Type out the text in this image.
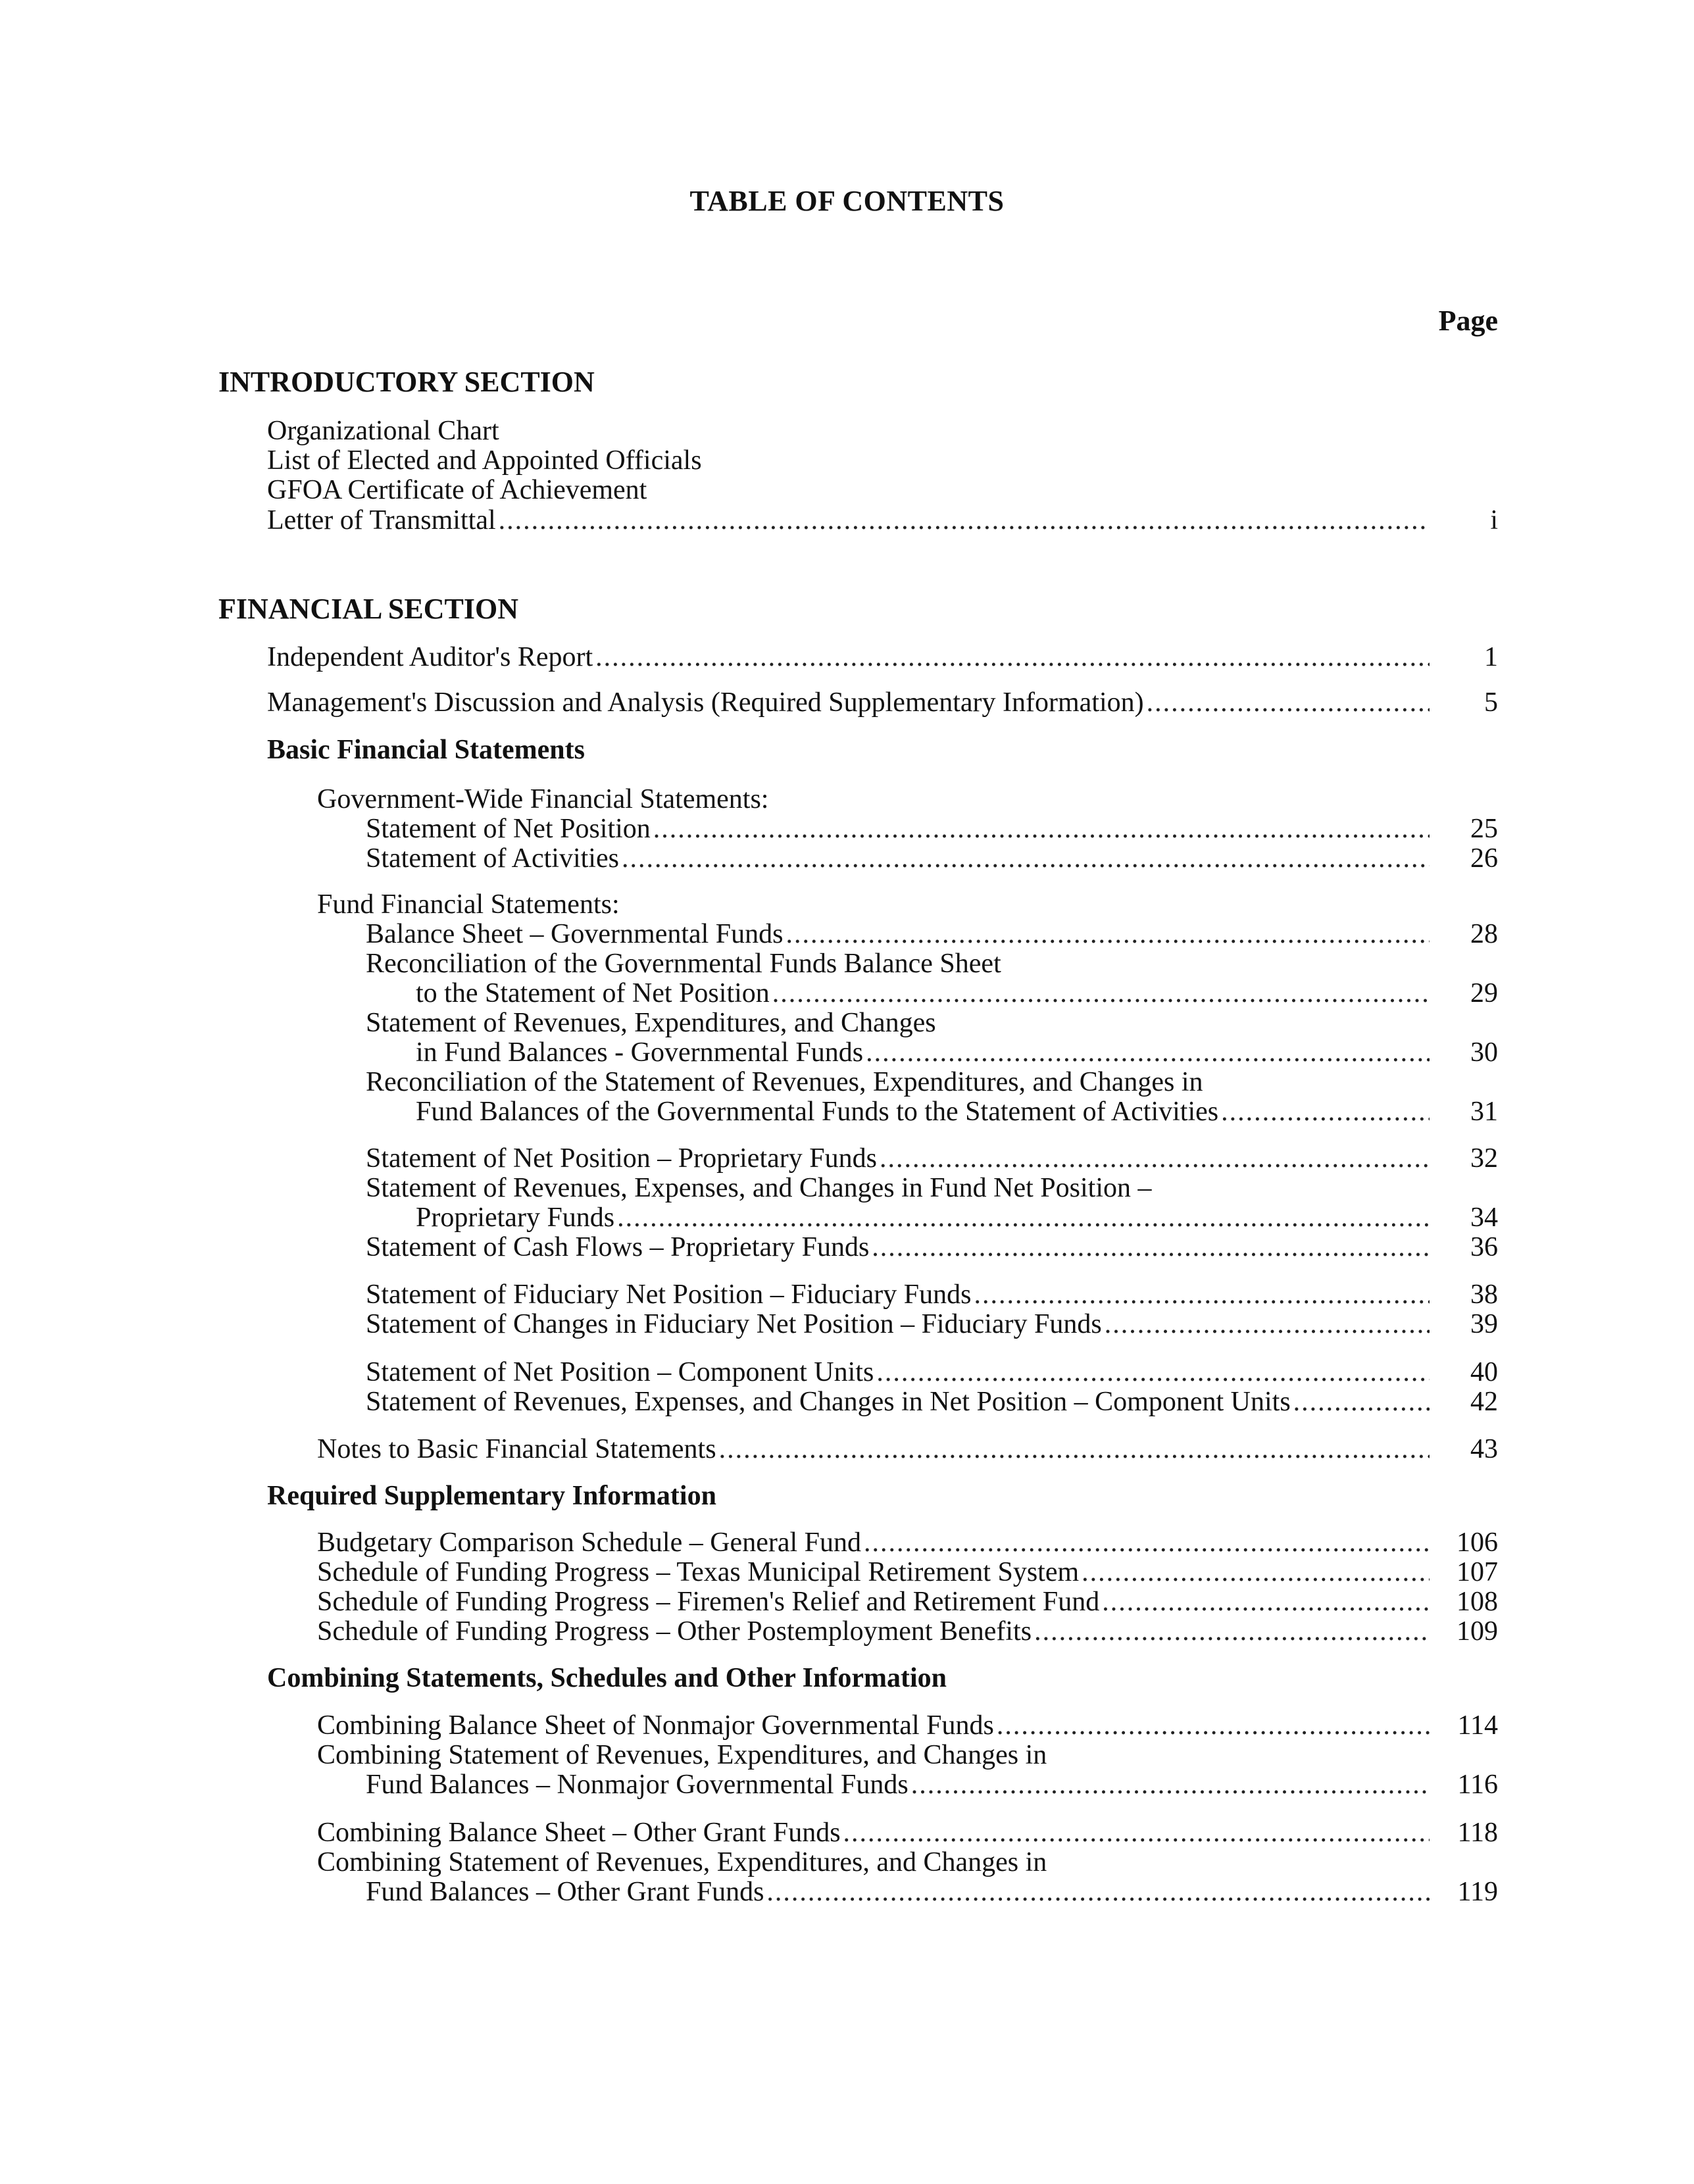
TABLE OF CONTENTS
Page
INTRODUCTORY SECTION
Organizational Chart
List of Elected and Appointed Officials
GFOA Certificate of Achievement
Letter of Transmittal .....	i
FINANCIAL SECTION
Independent Auditor's Report .....	1
Management's Discussion and Analysis (Required Supplementary Information) .....	5
Basic Financial Statements
Government-Wide Financial Statements:
Statement of Net Position .....	25
Statement of Activities .....	26
Fund Financial Statements:
Balance Sheet – Governmental Funds .....	28
Reconciliation of the Governmental Funds Balance Sheet
to the Statement of Net Position .....	29
Statement of Revenues, Expenditures, and Changes
in Fund Balances - Governmental Funds .....	30
Reconciliation of the Statement of Revenues, Expenditures, and Changes in
Fund Balances of the Governmental Funds to the Statement of Activities .....	31
Statement of Net Position – Proprietary Funds .....	32
Statement of Revenues, Expenses, and Changes in Fund Net Position –
Proprietary Funds .....	34
Statement of Cash Flows – Proprietary Funds .....	36
Statement of Fiduciary Net Position – Fiduciary Funds .....	38
Statement of Changes in Fiduciary Net Position – Fiduciary Funds .....	39
Statement of Net Position – Component Units .....	40
Statement of Revenues, Expenses, and Changes in Net Position – Component Units .....	42
Notes to Basic Financial Statements .....	43
Required Supplementary Information
Budgetary Comparison Schedule – General Fund .....	106
Schedule of Funding Progress – Texas Municipal Retirement System .....	107
Schedule of Funding Progress – Firemen's Relief and Retirement Fund .....	108
Schedule of Funding Progress – Other Postemployment Benefits .....	109
Combining Statements, Schedules and Other Information
Combining Balance Sheet of Nonmajor Governmental Funds .....	114
Combining Statement of Revenues, Expenditures, and Changes in
Fund Balances – Nonmajor Governmental Funds .....	116
Combining Balance Sheet – Other Grant Funds .....	118
Combining Statement of Revenues, Expenditures, and Changes in
Fund Balances – Other Grant Funds .....	119
